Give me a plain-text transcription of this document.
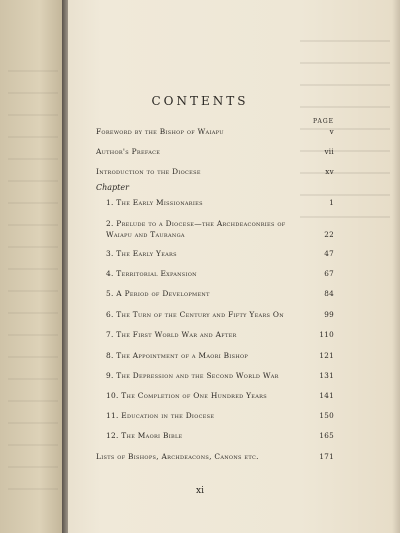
CONTENTS
PAGE
Foreword by the Bishop of Waiapu	v
Author's Preface	vii
Introduction to the Diocese	xv
Chapter
1. The Early Missionaries	1
2. Prelude to a Diocese—the Archdeaconries of Waiapu and Tauranga	22
3. The Early Years	47
4. Territorial Expansion	67
5. A Period of Development	84
6. The Turn of the Century and Fifty Years On	99
7. The First World War and After	110
8. The Appointment of a Maori Bishop	121
9. The Depression and the Second World War	131
10. The Completion of One Hundred Years	141
11. Education in the Diocese	150
12. The Maori Bible	165
Lists of Bishops, Archdeacons, Canons etc.	171
xi
